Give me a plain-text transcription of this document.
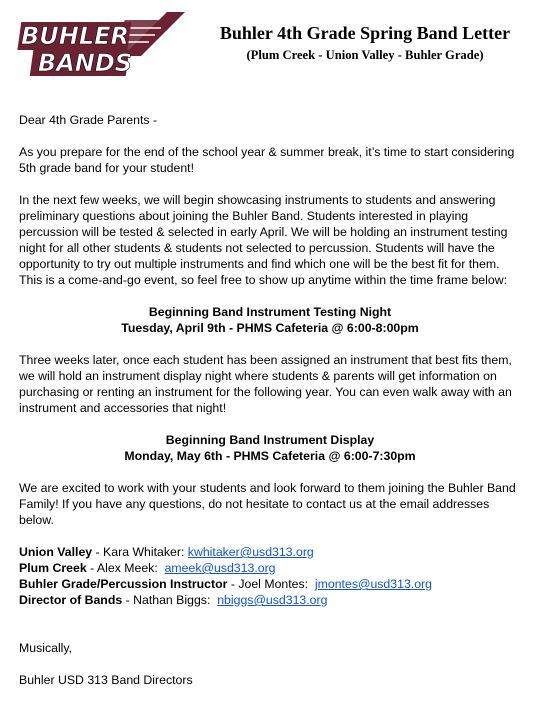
BUHLER
BANDS
Buhler 4th Grade Spring Band Letter
(Plum Creek - Union Valley - Buhler Grade)

Dear 4th Grade Parents -

As you prepare for the end of the school year & summer break, it’s time to start considering 5th grade band for your student!

In the next few weeks, we will begin showcasing instruments to students and answering preliminary questions about joining the Buhler Band. Students interested in playing percussion will be tested & selected in early April. We will be holding an instrument testing night for all other students & students not selected to percussion. Students will have the opportunity to try out multiple instruments and find which one will be the best fit for them. This is a come-and-go event, so feel free to show up anytime within the time frame below:

Beginning Band Instrument Testing Night
Tuesday, April 9th - PHMS Cafeteria @ 6:00-8:00pm

Three weeks later, once each student has been assigned an instrument that best fits them, we will hold an instrument display night where students & parents will get information on purchasing or renting an instrument for the following year. You can even walk away with an instrument and accessories that night!

Beginning Band Instrument Display
Monday, May 6th - PHMS Cafeteria @ 6:00-7:30pm

We are excited to work with your students and look forward to them joining the Buhler Band Family! If you have any questions, do not hesitate to contact us at the email addresses below.

Union Valley - Kara Whitaker: kwhitaker@usd313.org
Plum Creek - Alex Meek:  ameek@usd313.org
Buhler Grade/Percussion Instructor - Joel Montes:  jmontes@usd313.org
Director of Bands - Nathan Biggs:  nbiggs@usd313.org

Musically,

Buhler USD 313 Band Directors
